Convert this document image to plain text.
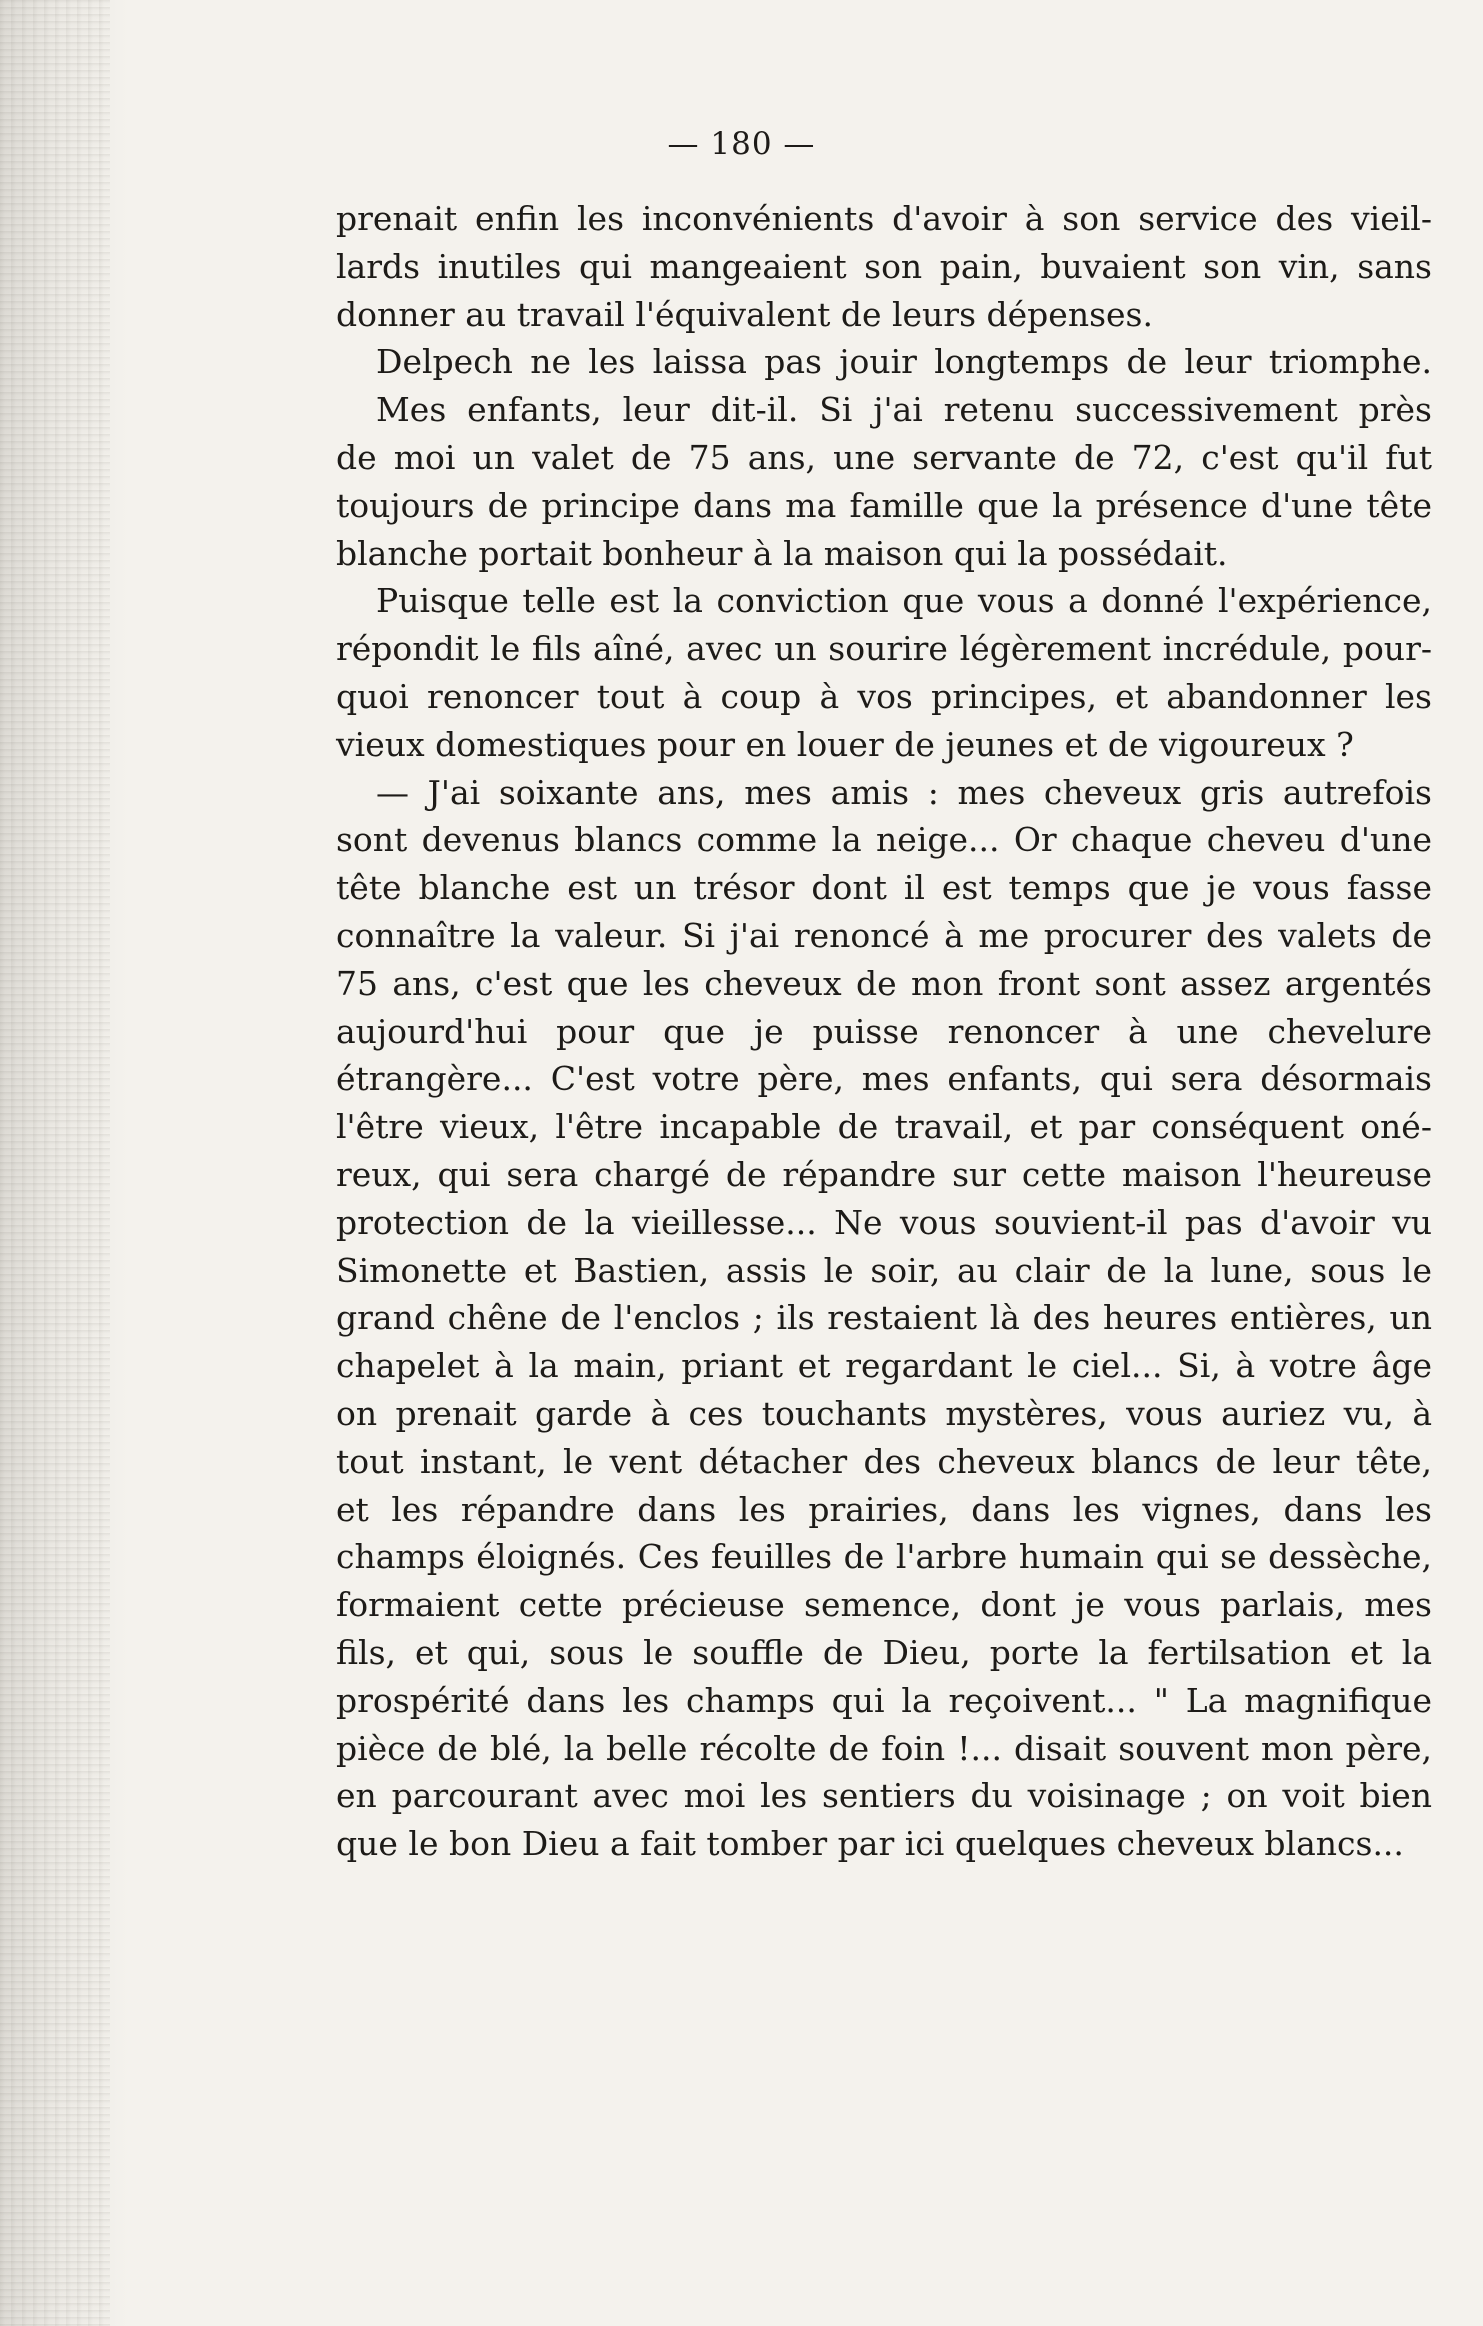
— 180 —
prenait enfin les inconvénients d'avoir à son service des vieil-
lards inutiles qui mangeaient son pain, buvaient son vin, sans
donner au travail l'équivalent de leurs dépenses.
Delpech ne les laissa pas jouir longtemps de leur triomphe.
Mes enfants, leur dit-il. Si j'ai retenu successivement près
de moi un valet de 75 ans, une servante de 72, c'est qu'il fut
toujours de principe dans ma famille que la présence d'une tête
blanche portait bonheur à la maison qui la possédait.
Puisque telle est la conviction que vous a donné l'expérience,
répondit le fils aîné, avec un sourire légèrement incrédule, pour-
quoi renoncer tout à coup à vos principes, et abandonner les
vieux domestiques pour en louer de jeunes et de vigoureux ?
— J'ai soixante ans, mes amis : mes cheveux gris autrefois
sont devenus blancs comme la neige... Or chaque cheveu d'une
tête blanche est un trésor dont il est temps que je vous fasse
connaître la valeur. Si j'ai renoncé à me procurer des valets de
75 ans, c'est que les cheveux de mon front sont assez argentés
aujourd'hui pour que je puisse renoncer à une chevelure
étrangère... C'est votre père, mes enfants, qui sera désormais
l'être vieux, l'être incapable de travail, et par conséquent oné-
reux, qui sera chargé de répandre sur cette maison l'heureuse
protection de la vieillesse... Ne vous souvient-il pas d'avoir vu
Simonette et Bastien, assis le soir, au clair de la lune, sous le
grand chêne de l'enclos ; ils restaient là des heures entières, un
chapelet à la main, priant et regardant le ciel... Si, à votre âge
on prenait garde à ces touchants mystères, vous auriez vu, à
tout instant, le vent détacher des cheveux blancs de leur tête,
et les répandre dans les prairies, dans les vignes, dans les
champs éloignés. Ces feuilles de l'arbre humain qui se dessèche,
formaient cette précieuse semence, dont je vous parlais, mes
fils, et qui, sous le souffle de Dieu, porte la fertilsation et la
prospérité dans les champs qui la reçoivent... " La magnifique
pièce de blé, la belle récolte de foin !... disait souvent mon père,
en parcourant avec moi les sentiers du voisinage ; on voit bien
que le bon Dieu a fait tomber par ici quelques cheveux blancs...
